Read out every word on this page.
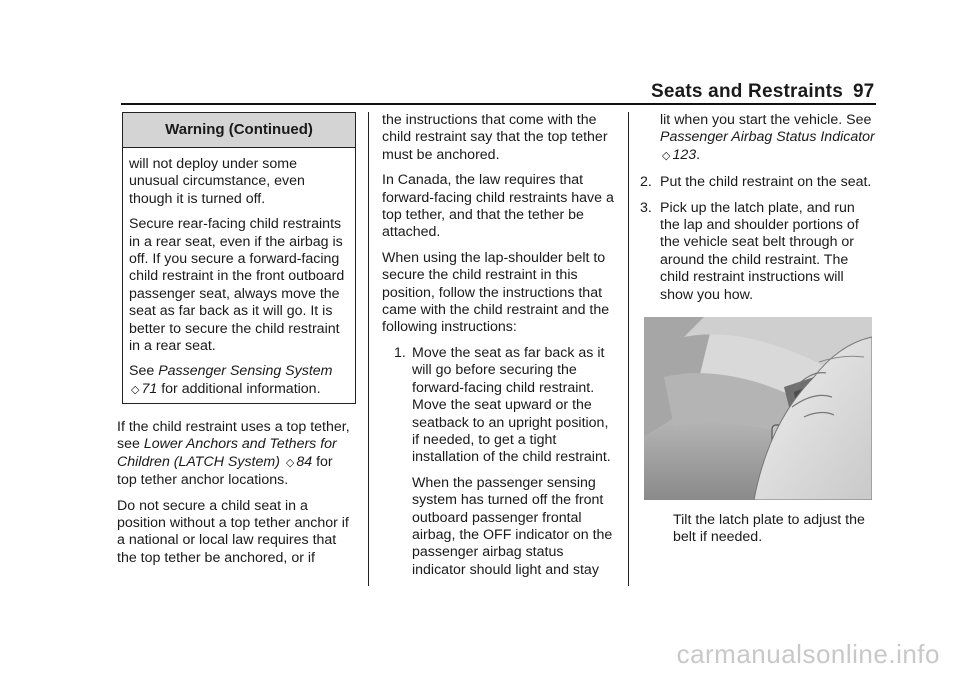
Seats and Restraints 97
Warning (Continued)

will not deploy under some unusual circumstance, even though it is turned off.

Secure rear-facing child restraints in a rear seat, even if the airbag is off. If you secure a forward-facing child restraint in the front outboard passenger seat, always move the seat as far back as it will go. It is better to secure the child restraint in a rear seat.

See Passenger Sensing System
◇ 71 for additional information.

If the child restraint uses a top tether, see Lower Anchors and Tethers for Children (LATCH System) ◇ 84 for top tether anchor locations.

Do not secure a child seat in a position without a top tether anchor if a national or local law requires that the top tether be anchored, or if

the instructions that come with the child restraint say that the top tether must be anchored.

In Canada, the law requires that forward-facing child restraints have a top tether, and that the tether be attached.

When using the lap-shoulder belt to secure the child restraint in this position, follow the instructions that came with the child restraint and the following instructions:

1. Move the seat as far back as it will go before securing the forward-facing child restraint. Move the seat upward or the seatback to an upright position, if needed, to get a tight installation of the child restraint.

When the passenger sensing system has turned off the front outboard passenger frontal airbag, the OFF indicator on the passenger airbag status indicator should light and stay

lit when you start the vehicle. See Passenger Airbag Status Indicator ◇ 123.

2. Put the child restraint on the seat.
3. Pick up the latch plate, and run the lap and shoulder portions of the vehicle seat belt through or around the child restraint. The child restraint instructions will show you how.
Tilt the latch plate to adjust the belt if needed.
carmanualsonline.info
